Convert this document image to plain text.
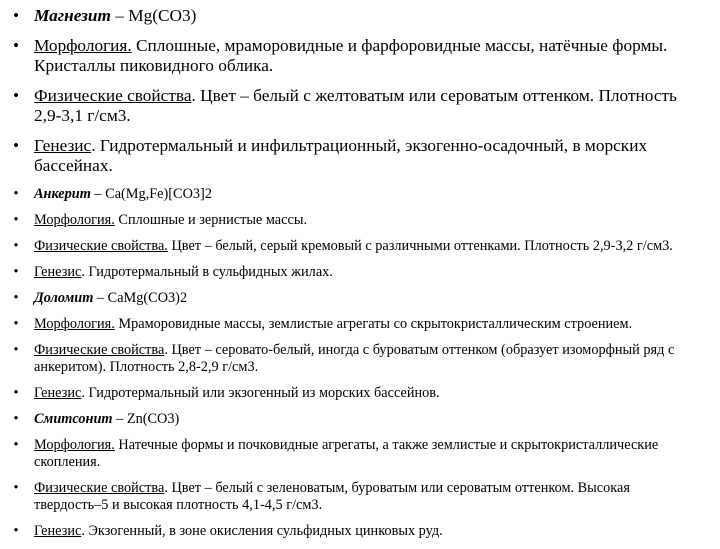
• Магнезит – Mg(CO3)
• Морфология. Сплошные, мраморовидные и фарфоровидные массы, натёчные формы. Кристаллы пиковидного облика.
• Физические свойства. Цвет – белый с желтоватым или сероватым оттенком. Плотность 2,9-3,1 г/см3.
• Генезис. Гидротермальный и инфильтрационный, экзогенно-осадочный, в морских бассейнах.
• Анкерит – Ca(Mg,Fe)[CO3]2
• Морфология. Сплошные и зернистые массы.
• Физические свойства. Цвет – белый, серый кремовый с различными оттенками. Плотность 2,9-3,2 г/см3.
• Генезис. Гидротермальный в сульфидных жилах.
• Доломит – CaMg(CO3)2
• Морфология. Мраморовидные массы, землистые агрегаты со скрытокристаллическим строением.
• Физические свойства. Цвет – серовато-белый, иногда с буроватым оттенком (образует изоморфный ряд с анкеритом). Плотность 2,8-2,9 г/см3.
• Генезис. Гидротермальный или экзогенный из морских бассейнов.
• Смитсонит – Zn(CO3)
• Морфология. Натечные формы и почковидные агрегаты, а также землистые и скрытокристаллические скопления.
• Физические свойства. Цвет – белый с зеленоватым, буроватым или сероватым оттенком. Высокая твердость–5 и высокая плотность 4,1-4,5 г/см3.
• Генезис. Экзогенный, в зоне окисления сульфидных цинковых руд.
